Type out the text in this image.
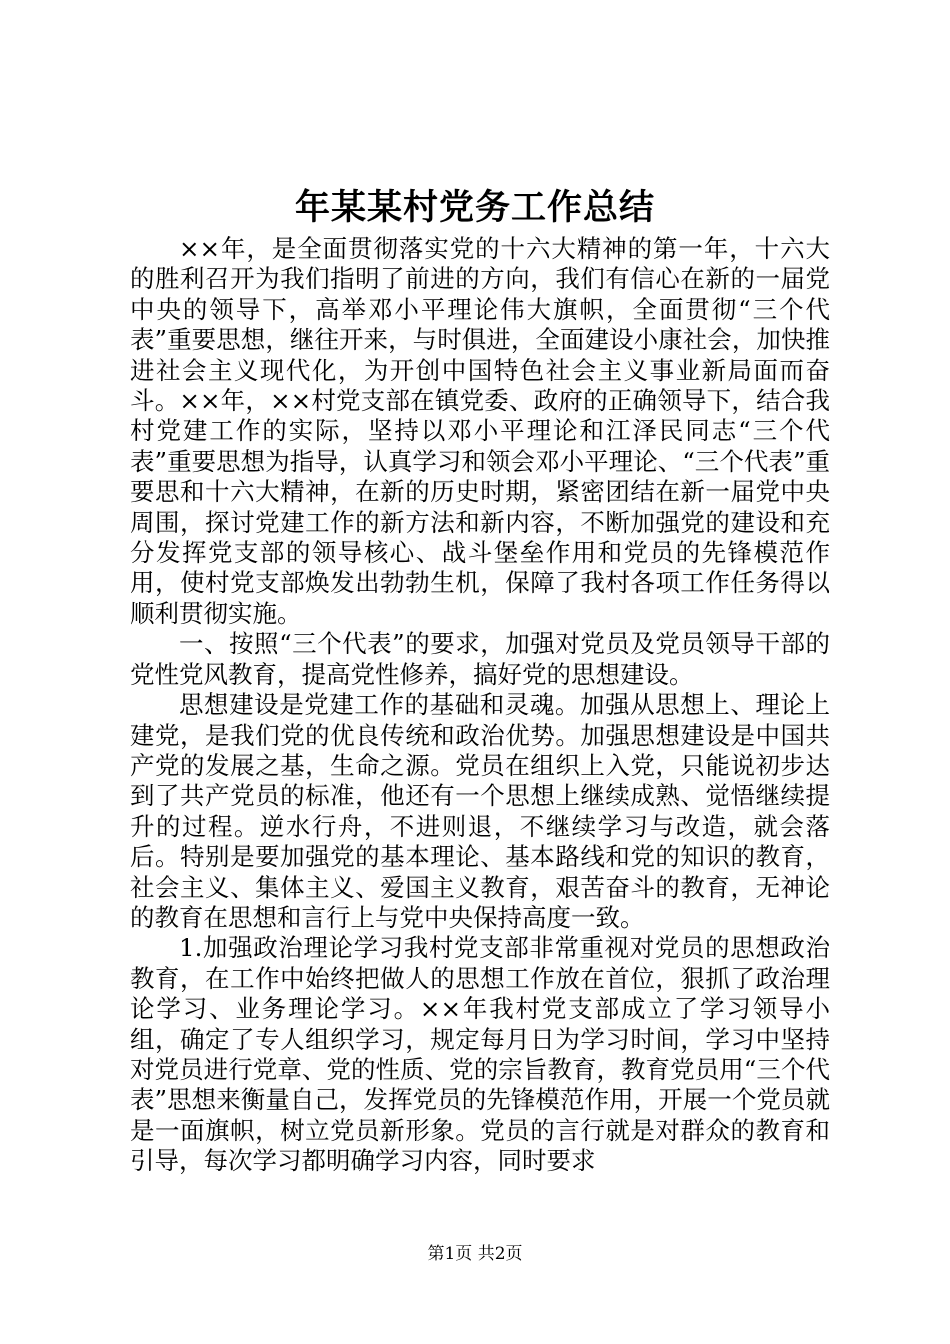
年某某村党务工作总结

××年，是全面贯彻落实党的十六大精神的第一年，十六大的胜利召开为我们指明了前进的方向，我们有信心在新的一届党中央的领导下，高举邓小平理论伟大旗帜，全面贯彻“三个代表”重要思想，继往开来，与时俱进，全面建设小康社会，加快推进社会主义现代化，为开创中国特色社会主义事业新局面而奋斗。××年，××村党支部在镇党委、政府的正确领导下，结合我村党建工作的实际，坚持以邓小平理论和江泽民同志“三个代表”重要思想为指导，认真学习和领会邓小平理论、“三个代表”重要思和十六大精神，在新的历史时期，紧密团结在新一届党中央周围，探讨党建工作的新方法和新内容，不断加强党的建设和充分发挥党支部的领导核心、战斗堡垒作用和党员的先锋模范作用，使村党支部焕发出勃勃生机，保障了我村各项工作任务得以顺利贯彻实施。

一、按照“三个代表”的要求，加强对党员及党员领导干部的党性党风教育，提高党性修养，搞好党的思想建设。

思想建设是党建工作的基础和灵魂。加强从思想上、理论上建党，是我们党的优良传统和政治优势。加强思想建设是中国共产党的发展之基，生命之源。党员在组织上入党，只能说初步达到了共产党员的标准，他还有一个思想上继续成熟、觉悟继续提升的过程。逆水行舟，不进则退，不继续学习与改造，就会落后。特别是要加强党的基本理论、基本路线和党的知识的教育，社会主义、集体主义、爱国主义教育，艰苦奋斗的教育，无神论的教育在思想和言行上与党中央保持高度一致。

1.加强政治理论学习我村党支部非常重视对党员的思想政治教育，在工作中始终把做人的思想工作放在首位，狠抓了政治理论学习、业务理论学习。××年我村党支部成立了学习领导小组，确定了专人组织学习，规定每月日为学习时间，学习中坚持对党员进行党章、党的性质、党的宗旨教育，教育党员用“三个代表”思想来衡量自己，发挥党员的先锋模范作用，开展一个党员就是一面旗帜，树立党员新形象。党员的言行就是对群众的教育和引导，每次学习都明确学习内容，同时要求

第1页 共2页
